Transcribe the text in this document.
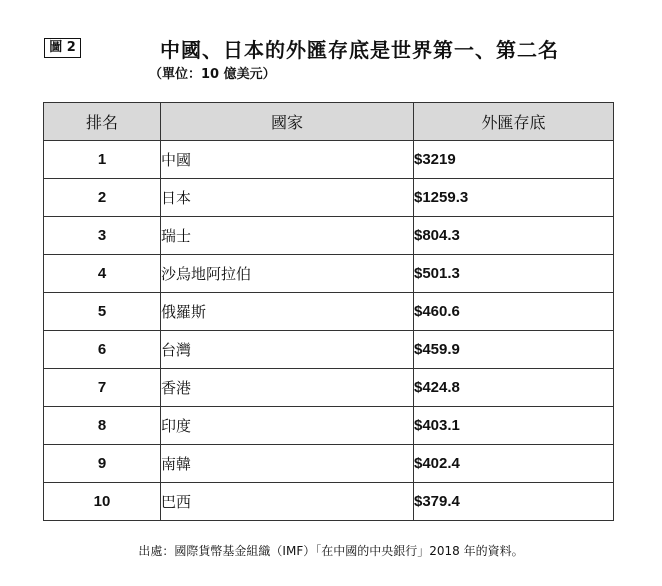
圖 2	中國、日本的外匯存底是世界第一、第二名
（單位：10 億美元）
排名	國家	外匯存底
1	中國	$3219
2	日本	$1259.3
3	瑞士	$804.3
4	沙烏地阿拉伯	$501.3
5	俄羅斯	$460.6
6	台灣	$459.9
7	香港	$424.8
8	印度	$403.1
9	南韓	$402.4
10	巴西	$379.4
出處：國際貨幣基金組織（IMF）「在中國的中央銀行」2018 年的資料。
